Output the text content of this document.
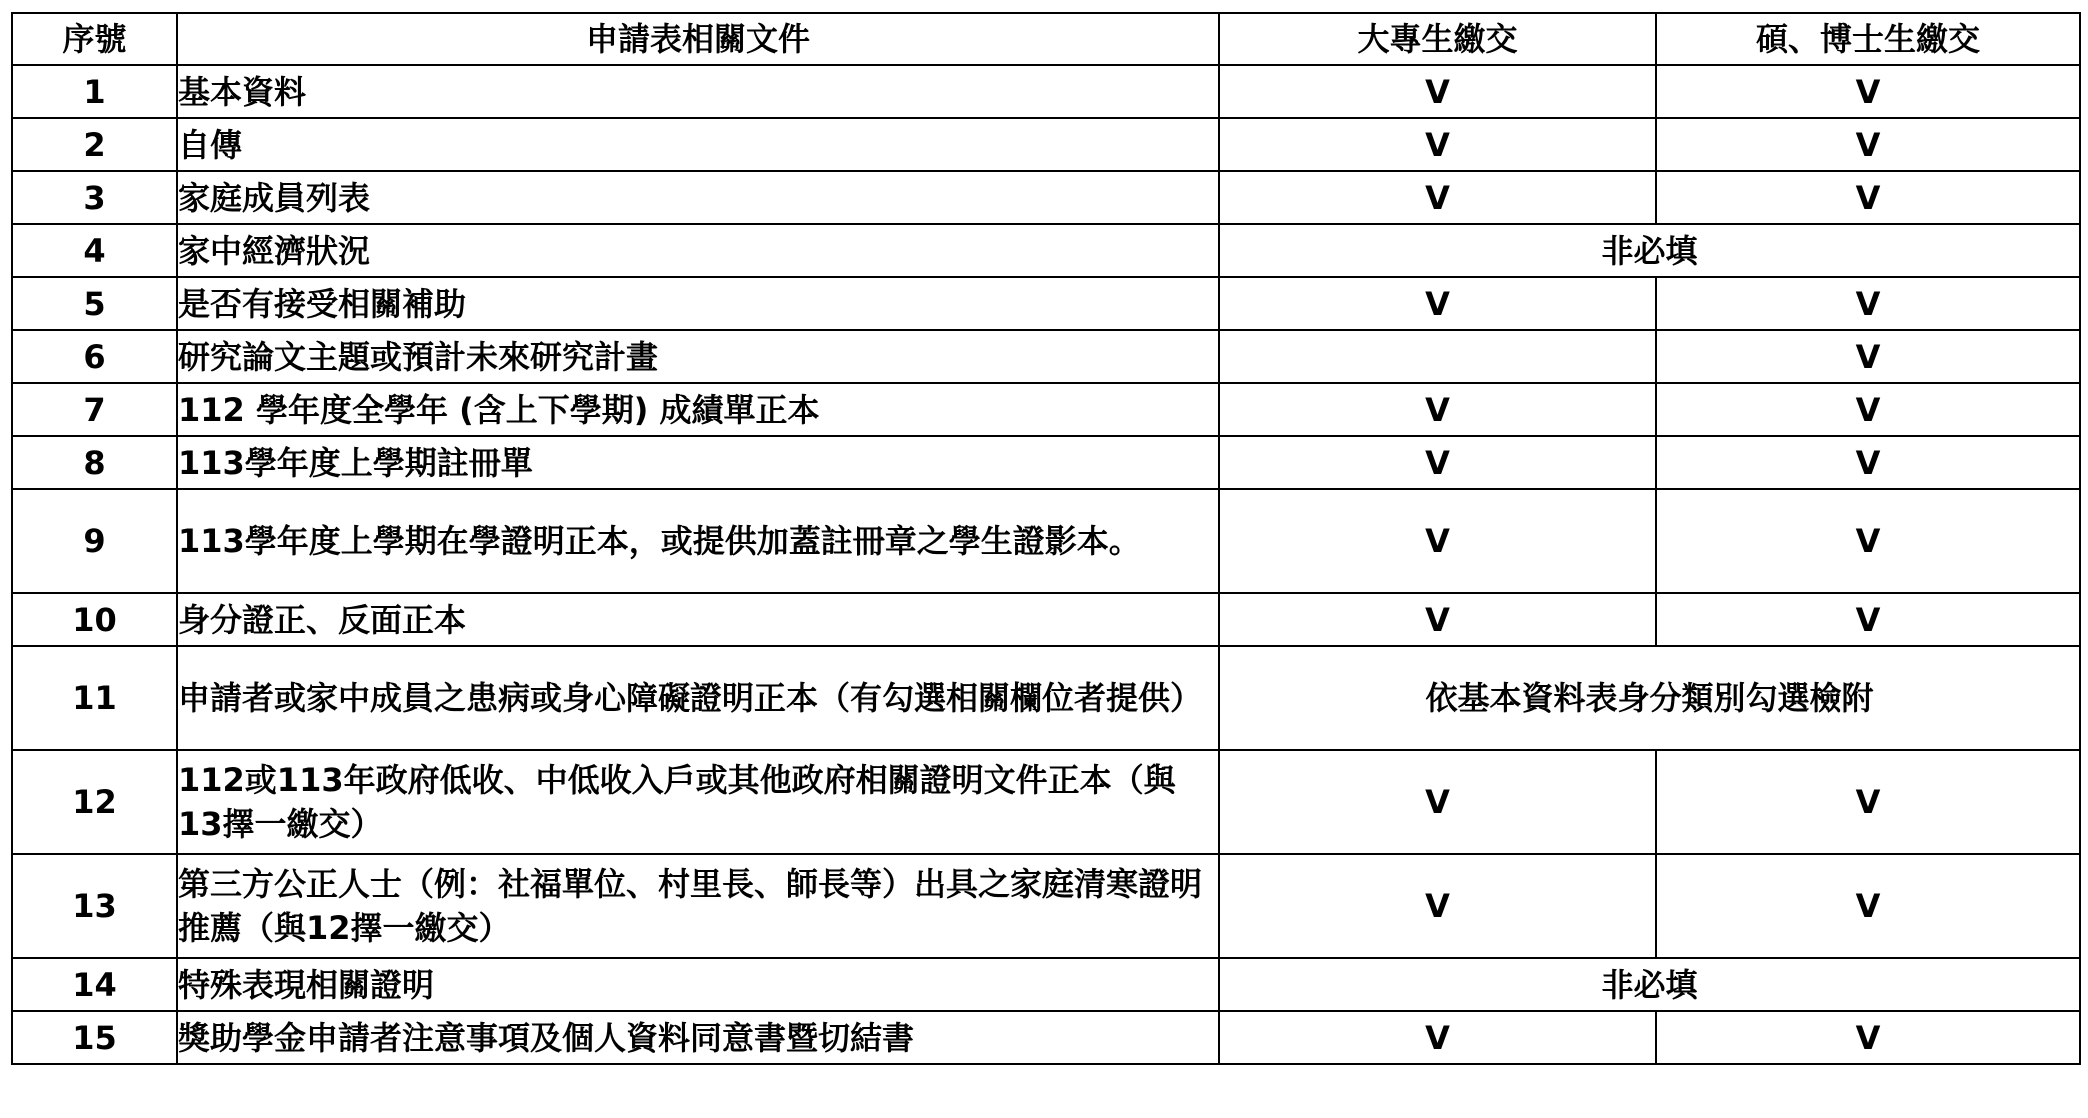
序號	申請表相關文件	大專生繳交	碩、博士生繳交
1	基本資料	V	V
2	自傳	V	V
3	家庭成員列表	V	V
4	家中經濟狀況	非必填	
5	是否有接受相關補助	V	V
6	研究論文主題或預計未來研究計畫		V
7	112 學年度全學年 (含上下學期) 成績單正本	V	V
8	113學年度上學期註冊單	V	V
9	113學年度上學期在學證明正本，或提供加蓋註冊章之學生證影本。	V	V
10	身分證正、反面正本	V	V
11	申請者或家中成員之患病或身心障礙證明正本（有勾選相關欄位者提供）	依基本資料表身分類別勾選檢附	
12	112或113年政府低收、中低收入戶或其他政府相關證明文件正本（與13擇一繳交）	V	V
13	第三方公正人士（例：社福單位、村里長、師長等）出具之家庭清寒證明推薦（與12擇一繳交）	V	V
14	特殊表現相關證明	非必填	
15	獎助學金申請者注意事項及個人資料同意書暨切結書	V	V
